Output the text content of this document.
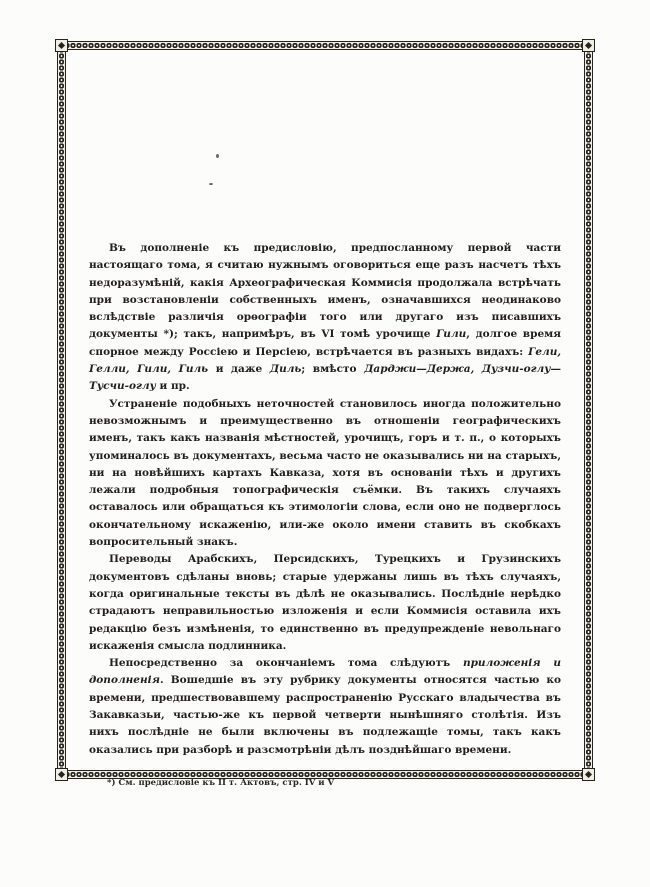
Въ дополненіе къ предисловію, предпосланному первой части настоящаго тома, я считаю нужнымъ оговориться еще разъ насчетъ тѣхъ недоразумѣній, какія Археографическая Коммисія продолжала встрѣчать при возстановленіи собственныхъ именъ, означавшихся неодинаково вслѣдствіе различія орѳографіи того или другаго изъ писавшихъ документы *); такъ, напримѣръ, въ VI томѣ урочище Гили, долгое время спорное между Россіею и Персіею, встрѣчается въ разныхъ видахъ: Гели, Гелли, Гили, Гиль и даже Диль; вмѣсто Дарджи—Держа, Дузчи-оглу—Тусчи-оглу и пр.

Устраненіе подобныхъ неточностей становилось иногда положительно невозможнымъ и преимущественно въ отношеніи географическихъ именъ, такъ какъ названія мѣстностей, урочищъ, горъ и т. п., о которыхъ упоминалось въ документахъ, весьма часто не оказывались ни на старыхъ, ни на новѣйшихъ картахъ Кавказа, хотя въ основаніи тѣхъ и другихъ лежали подробныя топографическія съёмки. Въ такихъ случаяхъ оставалось или обращаться къ этимологіи слова, если оно не подверглось окончательному искаженію, или-же около имени ставить въ скобкахъ вопросительный знакъ.

Переводы Арабскихъ, Персидскихъ, Турецкихъ и Грузинскихъ документовъ сдѣланы вновь; старые удержаны лишь въ тѣхъ случаяхъ, когда оригинальные тексты въ дѣлѣ не оказывались. Послѣдніе нерѣдко страдаютъ неправильностью изложенія и если Коммисія оставила ихъ редакцію безъ измѣненія, то единственно въ предупрежденіе невольнаго искаженія смысла подлинника.

Непосредственно за окончаніемъ тома слѣдуютъ приложенія и дополненія. Вошедшіе въ эту рубрику документы относятся частью ко времени, предшествовавшему распространенію Русскаго владычества въ Закавказьи, частью-же къ первой четверти нынѣшняго столѣтія. Изъ нихъ послѣдніе не были включены въ подлежащіе томы, такъ какъ оказались при разборѣ и разсмотрѣніи дѣлъ позднѣйшаго времени.

*) См. предисловіе къ II т. Актовъ, стр. IV и V
